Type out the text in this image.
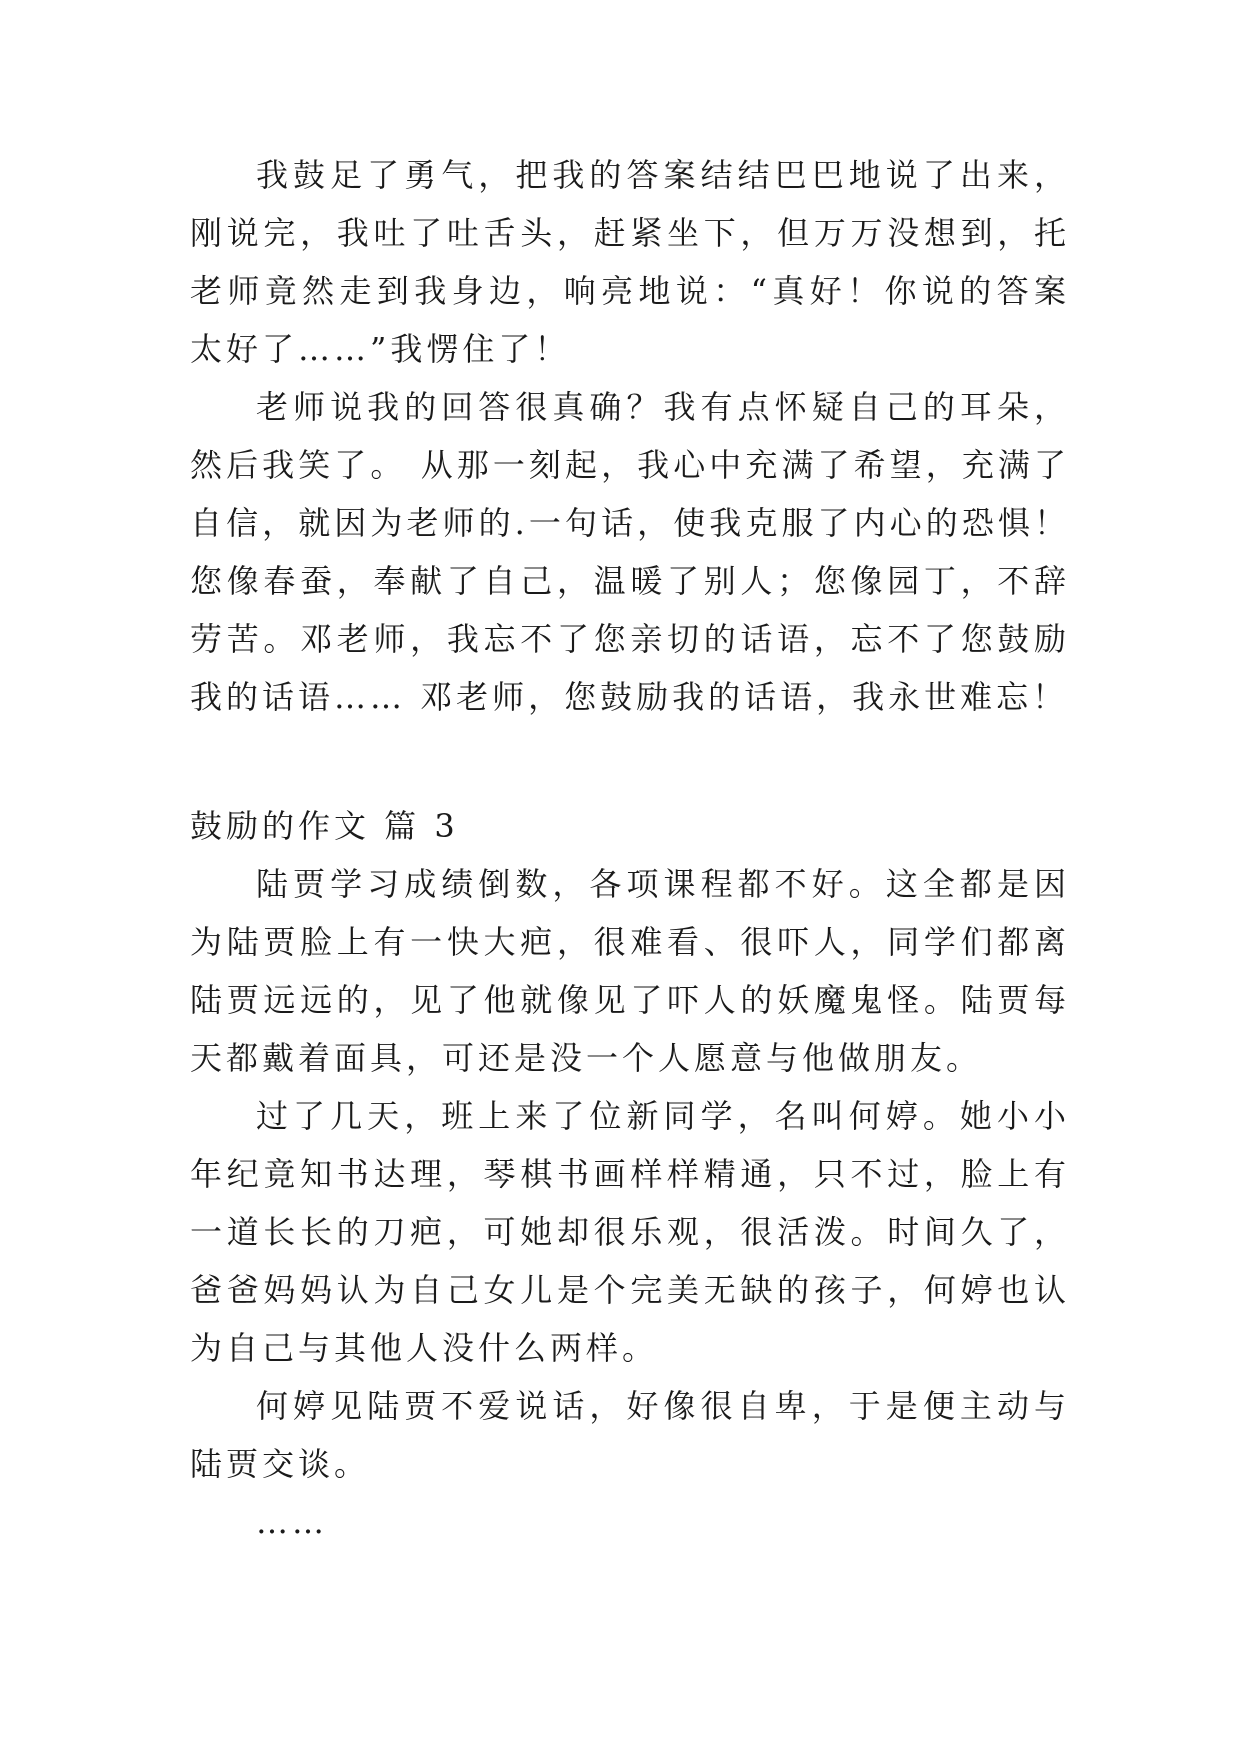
我鼓足了勇气，把我的答案结结巴巴地说了出来，刚说完，我吐了吐舌头，赶紧坐下，但万万没想到，托老师竟然走到我身边，响亮地说：“真好！你说的答案太好了……”我愣住了！

老师说我的回答很真确？我有点怀疑自己的耳朵，然后我笑了。 从那一刻起，我心中充满了希望，充满了自信，就因为老师的.一句话，使我克服了内心的恐惧！您像春蚕，奉献了自己，温暖了别人；您像园丁，不辞劳苦。邓老师，我忘不了您亲切的话语，忘不了您鼓励我的话语…… 邓老师，您鼓励我的话语，我永世难忘！

鼓励的作文 篇 3

陆贾学习成绩倒数，各项课程都不好。这全都是因为陆贾脸上有一快大疤，很难看、很吓人，同学们都离陆贾远远的，见了他就像见了吓人的妖魔鬼怪。陆贾每天都戴着面具，可还是没一个人愿意与他做朋友。

过了几天，班上来了位新同学，名叫何婷。她小小年纪竟知书达理，琴棋书画样样精通，只不过，脸上有一道长长的刀疤，可她却很乐观，很活泼。时间久了，爸爸妈妈认为自己女儿是个完美无缺的孩子，何婷也认为自己与其他人没什么两样。

何婷见陆贾不爱说话，好像很自卑，于是便主动与陆贾交谈。

……
